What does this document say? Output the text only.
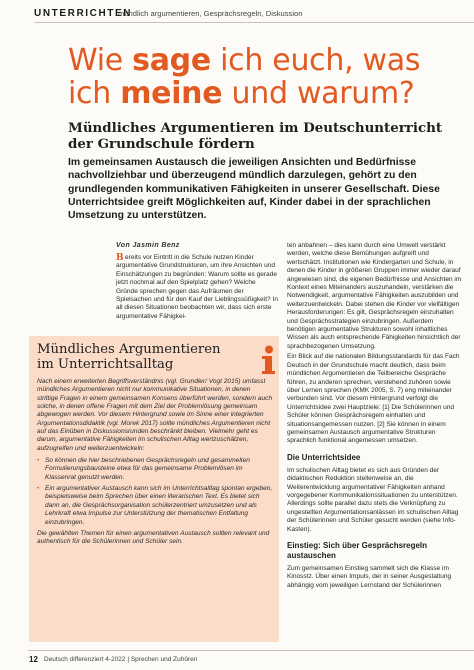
UNTERRICHTEN
mündlich argumentieren, Gesprächsregeln, Diskussion
Wie sage ich euch, was ich meine und warum?
Mündliches Argumentieren im Deutschunterricht der Grundschule fördern

Im gemeinsamen Austausch die jeweiligen Ansichten und Bedürfnisse nachvollziehbar und überzeugend mündlich darzulegen, gehört zu den grundlegenden kommunikativen Fähigkeiten in unserer Gesellschaft. Diese Unterrichtsidee greift Möglichkeiten auf, Kinder dabei in der sprachlichen Umsetzung zu unterstützen.

Von Jasmin Benz
B ereits vor Eintritt in die Schule nutzen Kinder argumentative Grundstrukturen, um ihre Ansichten und Einschätzungen zu begründen: Warum sollte es gerade jetzt nochmal auf den Spielplatz gehen? Welche Gründe sprechen gegen das Aufräumen der Spielsachen und für den Kauf der Lieblingssüßigkeit? In all diesen Situationen beobachten wir, dass sich erste argumentative Fähigkei-

ten anbahnen – dies kann durch eine Umwelt verstärkt werden, welche diese Bemühungen aufgreift und wertschätzt. Institutionen wie Kindergarten und Schule, in denen die Kinder in größeren Gruppen immer wieder darauf angewiesen sind, die eigenen Bedürfnisse und Ansichten im Kontext eines Miteinanders auszuhandeln, verstärken die Notwendigkeit, argumentative Fähigkeiten auszubilden und weiterzuentwickeln. Dabei stehen die Kinder vor vielfältigen Herausforderungen: Es gilt, Gesprächsregeln einzuhalten und Gesprächsstrategien einzubringen. Außerdem benötigen argumentative Strukturen sowohl inhaltliches Wissen als auch entsprechende Fähigkeiten hinsichtlich der sprachbezogenen Umsetzung.

Ein Blick auf die nationalen Bildungsstandards für das Fach Deutsch in der Grundschule macht deutlich, dass beim mündlichen Argumentieren die Teilbereiche Gespräche führen, zu anderen sprechen, verstehend zuhören sowie über Lernen sprechen (KMK 2005, S. 7) eng miteinander verbunden sind. Vor diesem Hintergrund verfolgt die Unterrichtsidee zwei Hauptziele: [1] Die Schülerinnen und Schüler können Gesprächsregeln einhalten und situationsangemessen nutzen. [2] Sie können in einem gemeinsamen Austausch argumentative Strukturen sprachlich funktional angemessen umsetzen.

Die Unterrichtsidee

Im schulischen Alltag bietet es sich aus Gründen der didaktischen Reduktion stellenweise an, die Weiterentwicklung argumentativer Fähigkeiten anhand vorgegebener Kommunikationssituationen zu unterstützen. Allerdings sollte parallel dazu stets die Verknüpfung zu ungestellten Argumentationsanlässen im schulischen Alltag der Schülerinnen und Schüler gesucht werden (siehe Info-Kasten).

Einstieg: Sich über Gesprächsregeln austauschen

Zum gemeinsamen Einstieg sammelt sich die Klasse im Kinosstz. Über einen Impuls, der in seiner Ausgestaltung abhängig vom jeweiligen Lernstand der Schülerinnen

Mündliches Argumentieren im Unterrichtsalltag

Nach einem erweiterten Begriffsverständnis (vgl. Grundler/ Vogt 2015) umfasst mündliches Argumentieren nicht nur kommunikative Situationen, in denen strittige Fragen in einem gemeinsamen Konsens überführt werden, sondern auch solche, in denen offene Fragen mit dem Ziel der Problemlösung gemeinsam abgewogen werden. Vor diesem Hintergrund sowie im Sinne einer integrierten Argumentationsdidaktik (vgl. Morek 2017) sollte mündliches Argumentieren nicht auf das Einüben in Diskussionsrunden beschränkt bleiben. Vielmehr geht es darum, argumentative Fähigkeiten im schulischen Alltag wertzuschätzen, aufzugreifen und weiterzuentwickeln:

• So können die hier beschriebenen Gesprächsregeln und gesammelten Formulierungsbausteine etwa für das gemeinsame Problemlösen im Klassenrat genutzt werden.
• Ein argumentativer Austausch kann sich im Unterrichtsalltag spontan ergeben, beispielsweise beim Sprechen über einen literarischen Text. Es bietet sich dann an, die Gesprächsorganisation schülerzentriert umzusetzen und als Lehrkraft etwa Impulse zur Unterstützung der thematischen Entfaltung einzubringen.

Die gewählten Themen für einen argumentativen Austausch sollten relevant und authentisch für die Schülerinnen und Schüler sein.

12 Deutsch differenziert 4-2022 | Sprechen und Zuhören
